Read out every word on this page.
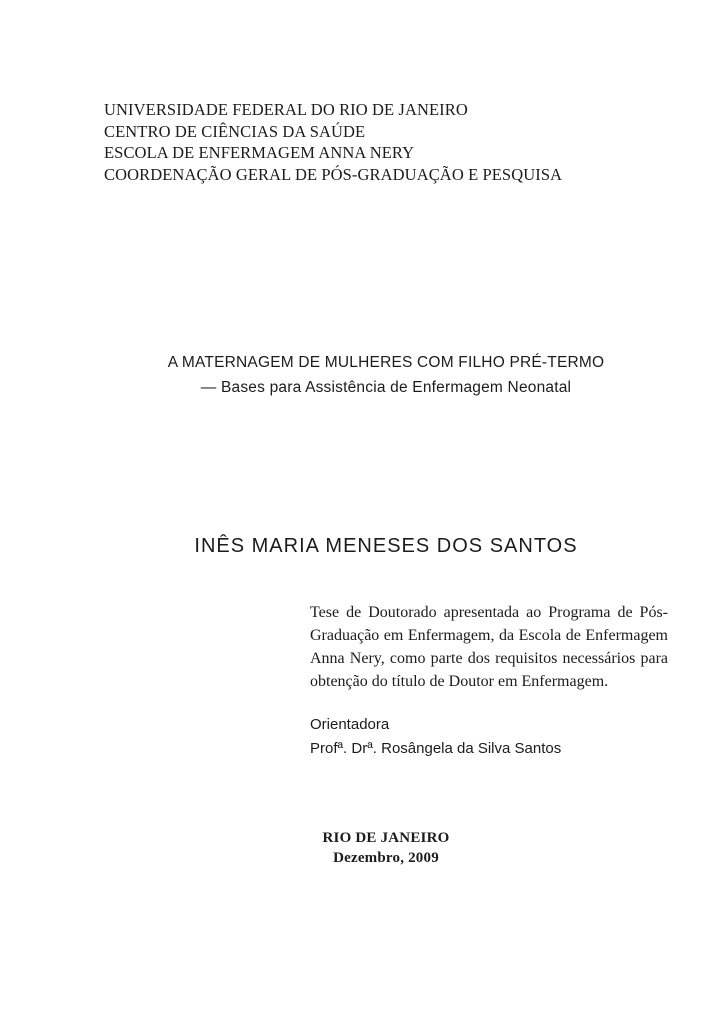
UNIVERSIDADE FEDERAL DO RIO DE JANEIRO
CENTRO DE CIÊNCIAS DA SAÚDE
ESCOLA DE ENFERMAGEM ANNA NERY
COORDENAÇÃO GERAL DE PÓS-GRADUAÇÃO E PESQUISA
A MATERNAGEM DE MULHERES COM FILHO PRÉ-TERMO
— Bases para Assistência de Enfermagem Neonatal
INÊS MARIA MENESES DOS SANTOS
Tese de Doutorado apresentada ao Programa de Pós-Graduação em Enfermagem, da Escola de Enfermagem Anna Nery, como parte dos requisitos necessários para obtenção do título de Doutor em Enfermagem.
Orientadora
Profª. Drª. Rosângela da Silva Santos
RIO DE JANEIRO
Dezembro, 2009
